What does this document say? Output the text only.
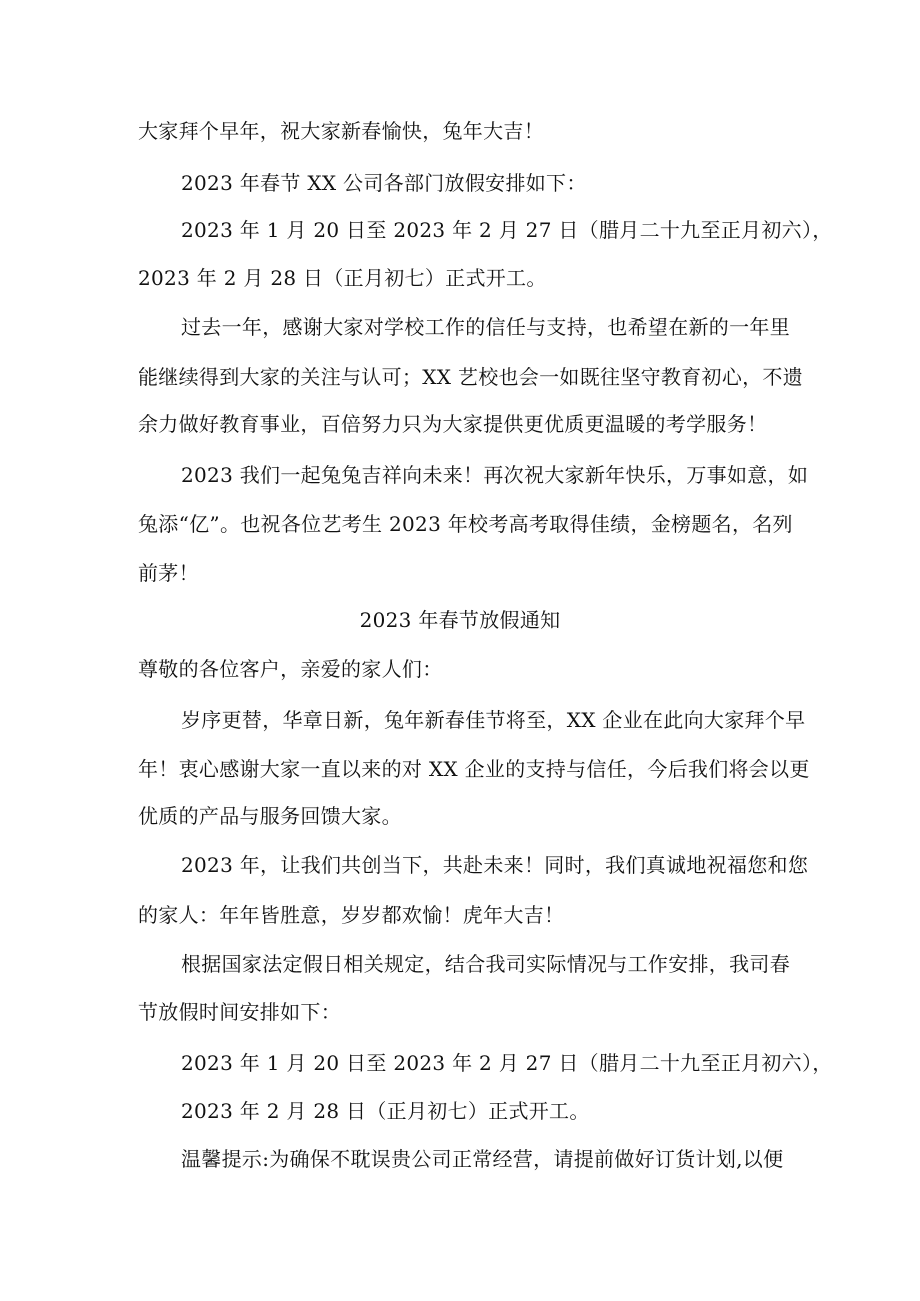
大家拜个早年，祝大家新春愉快，兔年大吉！
2023 年春节 XX 公司各部门放假安排如下：
2023 年 1 月 20 日至 2023 年 2 月 27 日（腊月二十九至正月初六），
2023 年 2 月 28 日（正月初七）正式开工。
过去一年，感谢大家对学校工作的信任与支持，也希望在新的一年里
能继续得到大家的关注与认可；XX 艺校也会一如既往坚守教育初心，不遗
余力做好教育事业，百倍努力只为大家提供更优质更温暖的考学服务！
2023 我们一起兔兔吉祥向未来！再次祝大家新年快乐，万事如意，如
兔添“亿”。也祝各位艺考生 2023 年校考高考取得佳绩，金榜题名，名列
前茅！
2023 年春节放假通知
尊敬的各位客户，亲爱的家人们：
岁序更替，华章日新，兔年新春佳节将至，XX 企业在此向大家拜个早
年！衷心感谢大家一直以来的对 XX 企业的支持与信任，今后我们将会以更
优质的产品与服务回馈大家。
2023 年，让我们共创当下，共赴未来！同时，我们真诚地祝福您和您
的家人：年年皆胜意，岁岁都欢愉！虎年大吉！
根据国家法定假日相关规定，结合我司实际情况与工作安排，我司春
节放假时间安排如下：
2023 年 1 月 20 日至 2023 年 2 月 27 日（腊月二十九至正月初六），
2023 年 2 月 28 日（正月初七）正式开工。
温馨提示:为确保不耽误贵公司正常经营，请提前做好订货计划,以便
